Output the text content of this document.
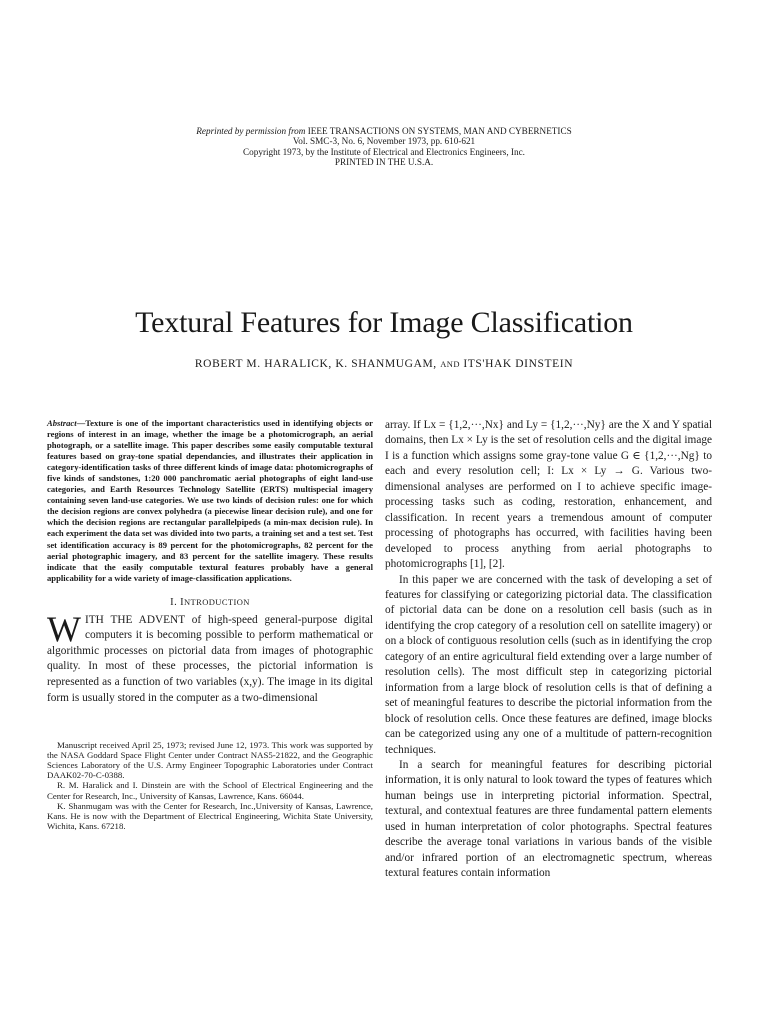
Reprinted by permission from IEEE TRANSACTIONS ON SYSTEMS, MAN AND CYBERNETICS
Vol. SMC-3, No. 6, November 1973, pp. 610-621
Copyright 1973, by the Institute of Electrical and Electronics Engineers, Inc.
PRINTED IN THE U.S.A.
Textural Features for Image Classification
ROBERT M. HARALICK, K. SHANMUGAM, AND ITS'HAK DINSTEIN

Abstract—Texture is one of the important characteristics used in identifying objects or regions of interest in an image, whether the image be a photomicrograph, an aerial photograph, or a satellite image. This paper describes some easily computable textural features based on gray-tone spatial dependancies, and illustrates their application in category-identification tasks of three different kinds of image data: photomicrographs of five kinds of sandstones, 1:20 000 panchromatic aerial photographs of eight land-use categories, and Earth Resources Technology Satellite (ERTS) multispecial imagery containing seven land-use categories. We use two kinds of decision rules: one for which the decision regions are convex polyhedra (a piecewise linear decision rule), and one for which the decision regions are rectangular parallelpipeds (a min-max decision rule). In each experiment the data set was divided into two parts, a training set and a test set. Test set identification accuracy is 89 percent for the photomicrographs, 82 percent for the aerial photographic imagery, and 83 percent for the satellite imagery. These results indicate that the easily computable textural features probably have a general applicability for a wide variety of image-classification applications.

I. INTRODUCTION

WITH THE ADVENT of high-speed general-purpose digital computers it is becoming possible to perform mathematical or algorithmic processes on pictorial data from images of photographic quality. In most of these processes, the pictorial information is represented as a function of two variables (x,y). The image in its digital form is usually stored in the computer as a two-dimensional

Manuscript received April 25, 1973; revised June 12, 1973. This work was supported by the NASA Goddard Space Flight Center under Contract NAS5-21822, and the Geographic Sciences Laboratory of the U.S. Army Engineer Topographic Laboratories under Contract DAAK02-70-C-0388.

R. M. Haralick and I. Dinstein are with the School of Electrical Engineering and the Center for Research, Inc., University of Kansas, Lawrence, Kans. 66044.

K. Shanmugam was with the Center for Research, Inc.,University of Kansas, Lawrence, Kans. He is now with the Department of Electrical Engineering, Wichita State University, Wichita, Kans. 67218.

array. If Lx = {1,2,···,Nx} and Ly = {1,2,···,Ny} are the X and Y spatial domains, then Lx × Ly is the set of resolution cells and the digital image I is a function which assigns some gray-tone value G ∈ {1,2,···,Ng} to each and every resolution cell; I: Lx × Ly → G. Various two-dimensional analyses are performed on I to achieve specific image-processing tasks such as coding, restoration, enhancement, and classification. In recent years a tremendous amount of computer processing of photographs has occurred, with facilities having been developed to process anything from aerial photographs to photomicrographs [1], [2].

In this paper we are concerned with the task of developing a set of features for classifying or categorizing pictorial data. The classification of pictorial data can be done on a resolution cell basis (such as in identifying the crop category of a resolution cell on satellite imagery) or on a block of contiguous resolution cells (such as in identifying the crop category of an entire agricultural field extending over a large number of resolution cells). The most difficult step in categorizing pictorial information from a large block of resolution cells is that of defining a set of meaningful features to describe the pictorial information from the block of resolution cells. Once these features are defined, image blocks can be categorized using any one of a multitude of pattern-recognition techniques.

In a search for meaningful features for describing pictorial information, it is only natural to look toward the types of features which human beings use in interpreting pictorial information. Spectral, textural, and contextual features are three fundamental pattern elements used in human interpretation of color photographs. Spectral features describe the average tonal variations in various bands of the visible and/or infrared portion of an electromagnetic spectrum, whereas textural features contain information
